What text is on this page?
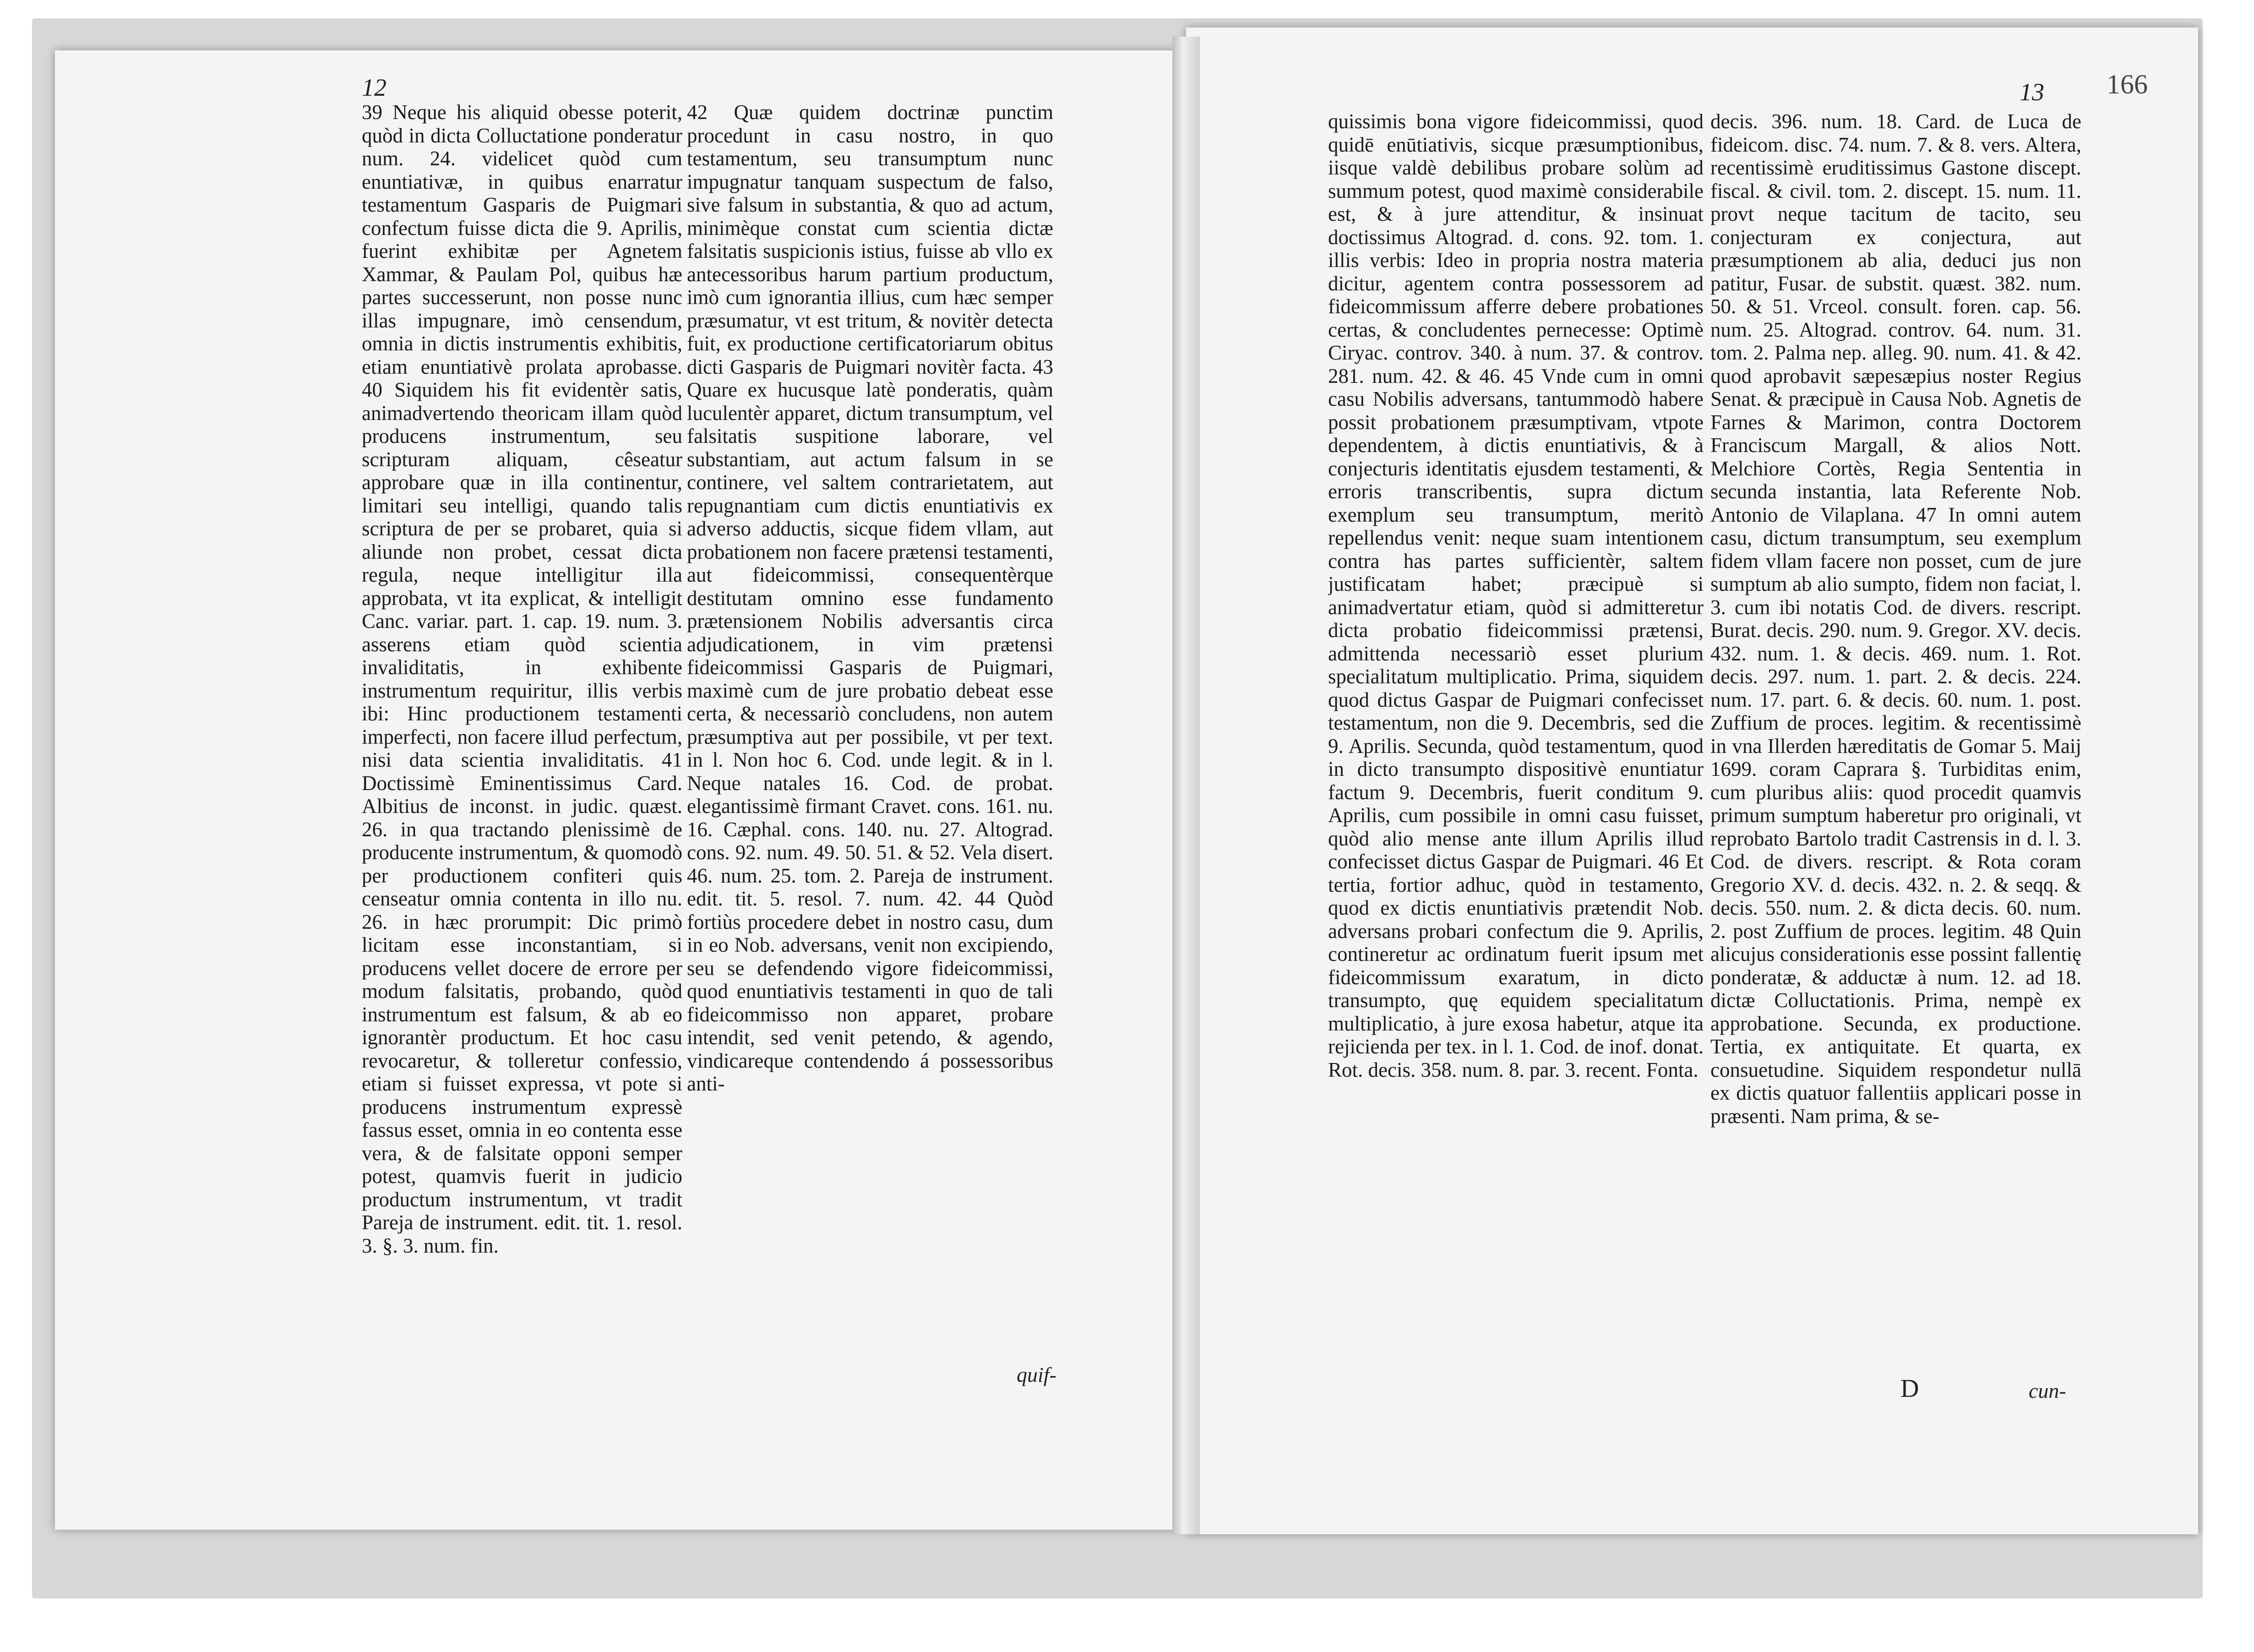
12	13 166
39 Neque his aliquid obesse poterit, quòd in dicta Colluctatione ponderatur num. 24. videlicet quòd cum enuntiativæ, in quibus enarratur testamentum Gasparis de Puigmari confectum fuisse dicta die 9. Aprilis, fuerint exhibitæ per Agnetem Xammar, & Paulam Pol, quibus hæ partes successerunt, non posse nunc illas impugnare, imò censendum, omnia in dictis instrumentis exhibitis, etiam enuntiativè prolata aprobasse. 40 Siquidem his fit evidentèr satis, animadvertendo theoricam illam quòd producens instrumentum, seu scripturam aliquam, cêseatur approbare quæ in illa continentur, limitari seu intelligi, quando talis scriptura de per se probaret, quia si aliunde non probet, cessat dicta regula, neque intelligitur illa approbata, vt ita explicat, & intelligit Canc. variar. part. 1. cap. 19. num. 3. asserens etiam quòd scientia invaliditatis, in exhibente instrumentum requiritur, illis verbis ibi: Hinc productionem testamenti imperfecti, non facere illud perfectum, nisi data scientia invaliditatis. 41 Doctissimè Eminentissimus Card. Albitius de inconst. in judic. quæst. 26. in qua tractando plenissimè de producente instrumentum, & quomodò per productionem confiteri quis censeatur omnia contenta in illo nu. 26. in hæc prorumpit: Dic primò licitam esse inconstantiam, si producens vellet docere de errore per modum falsitatis, probando, quòd instrumentum est falsum, & ab eo ignorantèr productum. Et hoc casu revocaretur, & tolleretur confessio, etiam si fuisset expressa, vt pote si producens instrumentum expressè fassus esset, omnia in eo contenta esse vera, & de falsitate opponi semper potest, quamvis fuerit in judicio productum instrumentum, vt tradit Pareja de instrument. edit. tit. 1. resol. 3. §. 3. num. fin.
42 Quæ quidem doctrinæ punctim procedunt in casu nostro, in quo testamentum, seu transumptum nunc impugnatur tanquam suspectum de falso, sive falsum in substantia, & quo ad actum, minimèque constat cum scientia dictæ falsitatis suspicionis istius, fuisse ab vllo ex antecessoribus harum partium productum, imò cum ignorantia illius, cum hæc semper præsumatur, vt est tritum, & novitèr detecta fuit, ex productione certificatoriarum obitus dicti Gasparis de Puigmari novitèr facta. 43 Quare ex hucusque latè ponderatis, quàm luculentèr apparet, dictum transumptum, vel falsitatis suspitione laborare, vel substantiam, aut actum falsum in se continere, vel saltem contrarietatem, aut repugnantiam cum dictis enuntiativis ex adverso adductis, sicque fidem vllam, aut probationem non facere prætensi testamenti, aut fideicommissi, consequentèrque destitutam omnino esse fundamento prætensionem Nobilis adversantis circa adjudicationem, in vim prætensi fideicommissi Gasparis de Puigmari, maximè cum de jure probatio debeat esse certa, & necessariò concludens, non autem præsumptiva aut per possibile, vt per text. in l. Non hoc 6. Cod. unde legit. & in l. Neque natales 16. Cod. de probat. elegantissimè firmant Cravet. cons. 161. nu. 16. Cæphal. cons. 140. nu. 27. Altograd. cons. 92. num. 49. 50. 51. & 52. Vela disert. 46. num. 25. tom. 2. Pareja de instrument. edit. tit. 5. resol. 7. num. 42. 44 Quòd fortiùs procedere debet in nostro casu, dum in eo Nob. adversans, venit non excipiendo, seu se defendendo vigore fideicommissi, quod enuntiativis testamenti in quo de tali fideicommisso non apparet, probare intendit, sed venit petendo, & agendo, vindicareque contendendo á possessoribus anti-
quissimis bona vigore fideicommissi, quod quidē enūtiativis, sicque præsumptionibus, iisque valdè debilibus probare solùm ad summum potest, quod maximè considerabile est, & à jure attenditur, & insinuat doctissimus Altograd. d. cons. 92. tom. 1. illis verbis: Ideo in propria nostra materia dicitur, agentem contra possessorem ad fideicommissum afferre debere probationes certas, & concludentes pernecesse: Optimè Ciryac. controv. 340. à num. 37. & controv. 281. num. 42. & 46. 45 Vnde cum in omni casu Nobilis adversans, tantummodò habere possit probationem præsumptivam, vtpote dependentem, à dictis enuntiativis, & à conjecturis identitatis ejusdem testamenti, & erroris transcribentis, supra dictum exemplum seu transumptum, meritò repellendus venit: neque suam intentionem contra has partes sufficientèr, saltem justificatam habet; præcipuè si animadvertatur etiam, quòd si admitteretur dicta probatio fideicommissi prætensi, admittenda necessariò esset plurium specialitatum multiplicatio. Prima, siquidem quod dictus Gaspar de Puigmari confecisset testamentum, non die 9. Decembris, sed die 9. Aprilis. Secunda, quòd testamentum, quod in dicto transumpto dispositivè enuntiatur factum 9. Decembris, fuerit conditum 9. Aprilis, cum possibile in omni casu fuisset, quòd alio mense ante illum Aprilis illud confecisset dictus Gaspar de Puigmari. 46 Et tertia, fortior adhuc, quòd in testamento, quod ex dictis enuntiativis prætendit Nob. adversans probari confectum die 9. Aprilis, contineretur ac ordinatum fuerit ipsum met fideicommissum exaratum, in dicto transumpto, quę equidem specialitatum multiplicatio, à jure exosa habetur, atque ita rejicienda per tex. in l. 1. Cod. de inof. donat. Rot. decis. 358. num. 8. par. 3. recent. Fonta.
decis. 396. num. 18. Card. de Luca de fideicom. disc. 74. num. 7. & 8. vers. Altera, recentissimè eruditissimus Gastone discept. fiscal. & civil. tom. 2. discept. 15. num. 11. provt neque tacitum de tacito, seu conjecturam ex conjectura, aut præsumptionem ab alia, deduci jus non patitur, Fusar. de substit. quæst. 382. num. 50. & 51. Vrceol. consult. foren. cap. 56. num. 25. Altograd. controv. 64. num. 31. tom. 2. Palma nep. alleg. 90. num. 41. & 42. quod aprobavit sæpesæpius noster Regius Senat. & præcipuè in Causa Nob. Agnetis de Farnes & Marimon, contra Doctorem Franciscum Margall, & alios Nott. Melchiore Cortès, Regia Sententia in secunda instantia, lata Referente Nob. Antonio de Vilaplana. 47 In omni autem casu, dictum transumptum, seu exemplum fidem vllam facere non posset, cum de jure sumptum ab alio sumpto, fidem non faciat, l. 3. cum ibi notatis Cod. de divers. rescript. Burat. decis. 290. num. 9. Gregor. XV. decis. 432. num. 1. & decis. 469. num. 1. Rot. decis. 297. num. 1. part. 2. & decis. 224. num. 17. part. 6. & decis. 60. num. 1. post. Zuffium de proces. legitim. & recentissimè in vna Illerden hæreditatis de Gomar 5. Maij 1699. coram Caprara §. Turbiditas enim, cum pluribus aliis: quod procedit quamvis primum sumptum haberetur pro originali, vt reprobato Bartolo tradit Castrensis in d. l. 3. Cod. de divers. rescript. & Rota coram Gregorio XV. d. decis. 432. n. 2. & seqq. & decis. 550. num. 2. & dicta decis. 60. num. 2. post Zuffium de proces. legitim. 48 Quin alicujus considerationis esse possint fallentię ponderatæ, & adductæ à num. 12. ad 18. dictæ Colluctationis. Prima, nempè ex approbatione. Secunda, ex productione. Tertia, ex antiquitate. Et quarta, ex consuetudine. Siquidem respondetur nullā ex dictis quatuor fallentiis applicari posse in præsenti. Nam prima, & se-
quif-	D	cun-
